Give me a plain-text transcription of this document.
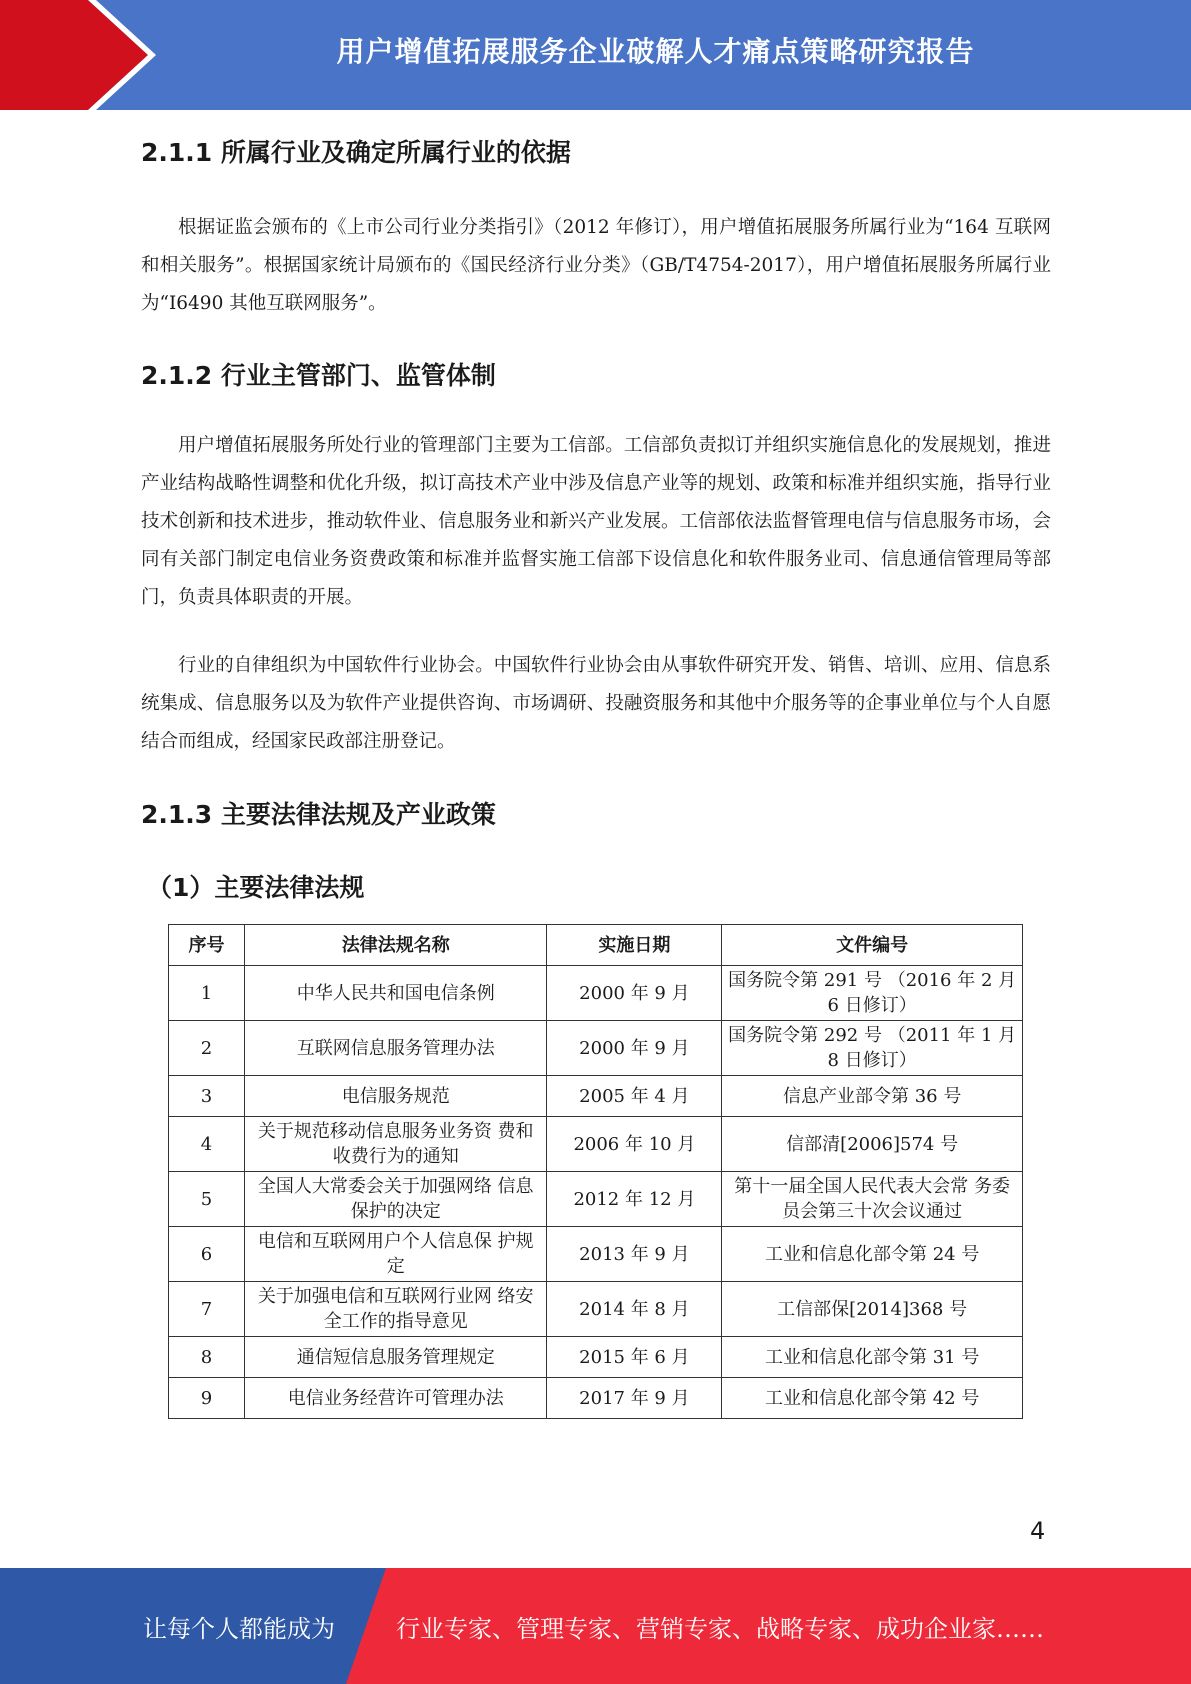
用户增值拓展服务企业破解人才痛点策略研究报告
2.1.1 所属行业及确定所属行业的依据

根据证监会颁布的《上市公司行业分类指引》（2012 年修订），用户增值拓展服务所属行业为“164 互联网和相关服务”。根据国家统计局颁布的《国民经济行业分类》（GB/T4754-2017），用户增值拓展服务所属行业为“I6490 其他互联网服务”。

2.1.2 行业主管部门、监管体制

用户增值拓展服务所处行业的管理部门主要为工信部。工信部负责拟订并组织实施信息化的发展规划，推进产业结构战略性调整和优化升级，拟订高技术产业中涉及信息产业等的规划、政策和标准并组织实施，指导行业技术创新和技术进步，推动软件业、信息服务业和新兴产业发展。工信部依法监督管理电信与信息服务市场，会同有关部门制定电信业务资费政策和标准并监督实施工信部下设信息化和软件服务业司、信息通信管理局等部门，负责具体职责的开展。

行业的自律组织为中国软件行业协会。中国软件行业协会由从事软件研究开发、销售、培训、应用、信息系统集成、信息服务以及为软件产业提供咨询、市场调研、投融资服务和其他中介服务等的企事业单位与个人自愿结合而组成，经国家民政部注册登记。

2.1.3 主要法律法规及产业政策
（1）主要法律法规
序号	法律法规名称	实施日期	文件编号
1	中华人民共和国电信条例	2000 年 9 月	国务院令第 291 号 （2016 年 2 月 6 日修订）
2	互联网信息服务管理办法	2000 年 9 月	国务院令第 292 号 （2011 年 1 月 8 日修订）
3	电信服务规范	2005 年 4 月	信息产业部令第 36 号
4	关于规范移动信息服务业务资 费和收费行为的通知	2006 年 10 月	信部清[2006]574 号
5	全国人大常委会关于加强网络 信息保护的决定	2012 年 12 月	第十一届全国人民代表大会常 务委员会第三十次会议通过
6	电信和互联网用户个人信息保 护规定	2013 年 9 月	工业和信息化部令第 24 号
7	关于加强电信和互联网行业网 络安全工作的指导意见	2014 年 8 月	工信部保[2014]368 号
8	通信短信息服务管理规定	2015 年 6 月	工业和信息化部令第 31 号
9	电信业务经营许可管理办法	2017 年 9 月	工业和信息化部令第 42 号
4
让每个人都能成为	行业专家、管理专家、营销专家、战略专家、成功企业家……
